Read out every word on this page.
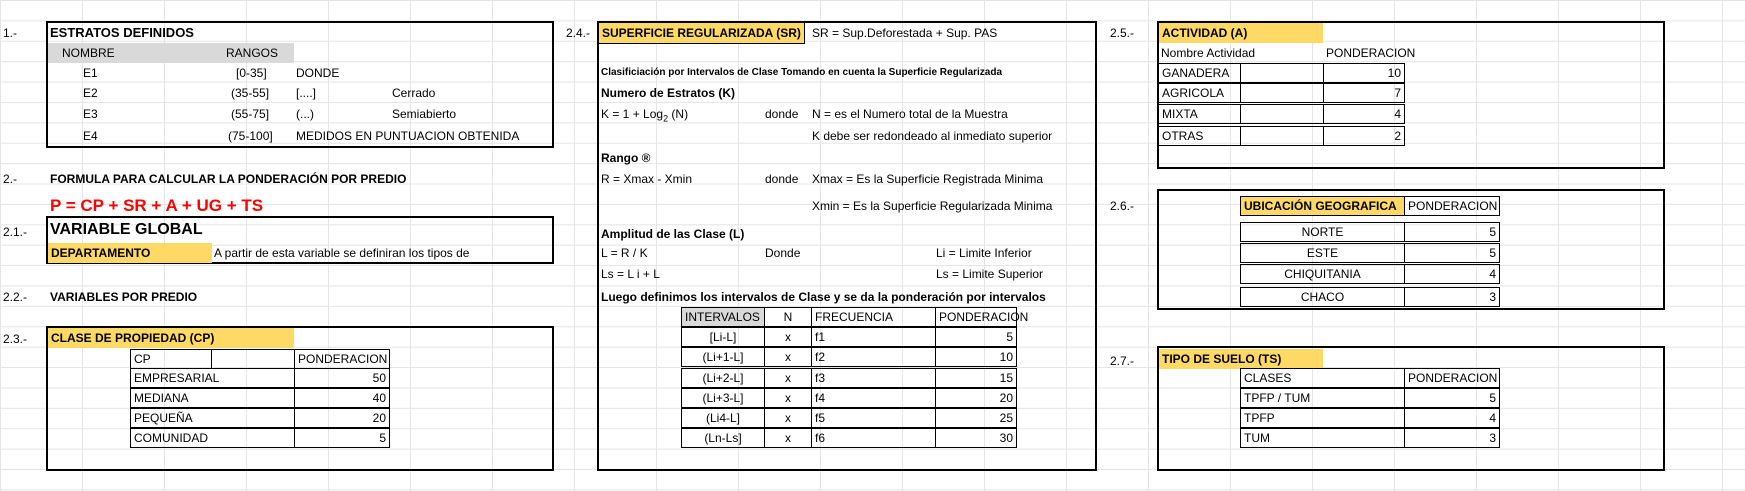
1.-	ESTRATOS DEFINIDOS
NOMBRE	RANGOS
E1	[0-35] DONDE
E2	(35-55] [....]	Cerrado
E3	(55-75] (...)	Semiabierto
E4	(75-100] MEDIDOS EN PUNTUACION OBTENIDA
2.-	FORMULA PARA CALCULAR LA PONDERACIÓN POR PREDIO
P = CP + SR + A + UG + TS
2.1.- VARIABLE GLOBAL
DEPARTAMENTO	A partir de esta variable se definiran los tipos de
2.2.- VARIABLES POR PREDIO
2.3.- CLASE DE PROPIEDAD (CP)
CP	PONDERACION
EMPRESARIAL	50
MEDIANA	40
PEQUEÑA	20
COMUNIDAD	5
2.4.- SUPERFICIE REGULARIZADA (SR) SR = Sup.Deforestada + Sup. PAS
Clasificiación por Intervalos de Clase Tomando en cuenta la Superficie Regularizada
Numero de Estratos (K)
K = 1 + Log$_2$ (N)	donde N = es el Numero total de la Muestra
K debe ser redondeado al inmediato superior
Rango ®
R = Xmax - Xmin	donde Xmax = Es la Superficie Registrada Minima
Xmin = Es la Superficie Regularizada Minima
Amplitud de las Clase (L)
L = R / K	Donde	Li = Limite Inferior
Ls = L i + L	Ls = Limite Superior
Luego definimos los intervalos de Clase y se da la ponderación por intervalos
INTERVALOS	N	FRECUENCIA	PONDERACION
[Li-L]	x	f1	5
(Li+1-L]	x	f2	10
(Li+2-L]	x	f3	15
(Li+3-L]	x	f4	20
(Li4-L]	x	f5	25
(Ln-Ls]	x	f6	30
2.5.- ACTIVIDAD (A)
Nombre Actividad	PONDERACION
GANADERA	10
AGRICOLA	7
MIXTA	4
OTRAS	2
2.6.-	UBICACIÓN GEOGRAFICA PONDERACION
NORTE	5
ESTE	5
CHIQUITANIA	4
CHACO	3
2.7.- TIPO DE SUELO (TS)
CLASES	PONDERACION
TPFP / TUM	5
TPFP	4
TUM	3
